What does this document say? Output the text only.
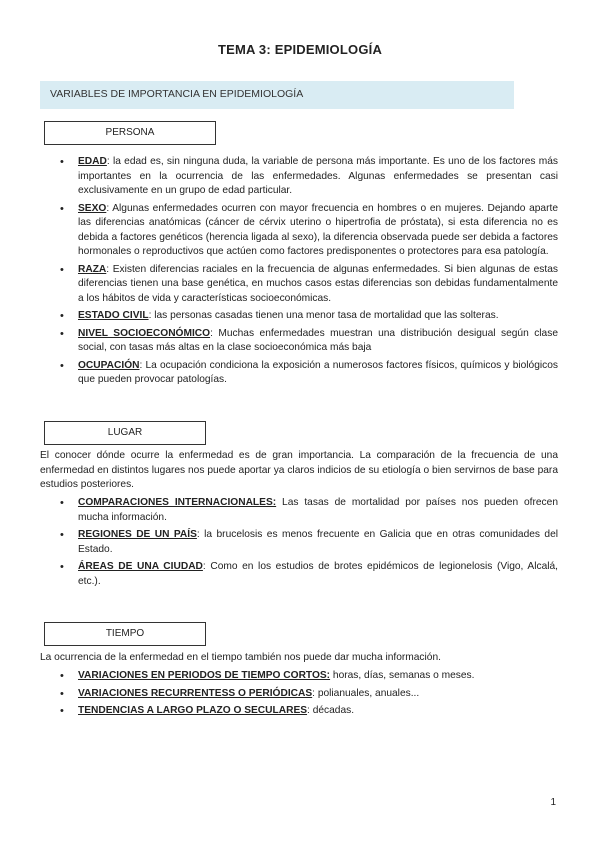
TEMA 3: EPIDEMIOLOGÍA
VARIABLES DE IMPORTANCIA EN EPIDEMIOLOGÍA
PERSONA
• EDAD: la edad es, sin ninguna duda, la variable de persona más importante. Es uno de los factores más importantes en la ocurrencia de las enfermedades. Algunas enfermedades se presentan casi exclusivamente en un grupo de edad particular.
• SEXO: Algunas enfermedades ocurren con mayor frecuencia en hombres o en mujeres. Dejando aparte las diferencias anatómicas (cáncer de cérvix uterino o hipertrofia de próstata), si esta diferencia no es debida a factores genéticos (herencia ligada al sexo), la diferencia observada puede ser debida a factores hormonales o reproductivos que actúen como factores predisponentes o protectores para esa patología.
• RAZA: Existen diferencias raciales en la frecuencia de algunas enfermedades. Si bien algunas de estas diferencias tienen una base genética, en muchos casos estas diferencias son debidas fundamentalmente a los hábitos de vida y características socioeconómicas.
• ESTADO CIVIL: las personas casadas tienen una menor tasa de mortalidad que las solteras.
• NIVEL SOCIOECONÓMICO: Muchas enfermedades muestran una distribución desigual según clase social, con tasas más altas en la clase socioeconómica más baja
• OCUPACIÓN: La ocupación condiciona la exposición a numerosos factores físicos, químicos y biológicos que pueden provocar patologías.
LUGAR

El conocer dónde ocurre la enfermedad es de gran importancia. La comparación de la frecuencia de una enfermedad en distintos lugares nos puede aportar ya claros indicios de su etiología o bien servirnos de base para estudios posteriores.

• COMPARACIONES INTERNACIONALES: Las tasas de mortalidad por países nos pueden ofrecen mucha información.
• REGIONES DE UN PAÍS: la brucelosis es menos frecuente en Galicia que en otras comunidades del Estado.
• ÁREAS DE UNA CIUDAD: Como en los estudios de brotes epidémicos de legionelosis (Vigo, Alcalá, etc.).
TIEMPO

La ocurrencia de la enfermedad en el tiempo también nos puede dar mucha información.

• VARIACIONES EN PERIODOS DE TIEMPO CORTOS: horas, días, semanas o meses.
• VARIACIONES RECURRENTESS O PERIÓDICAS: polianuales, anuales...
• TENDENCIAS A LARGO PLAZO O SECULARES: décadas.
1
